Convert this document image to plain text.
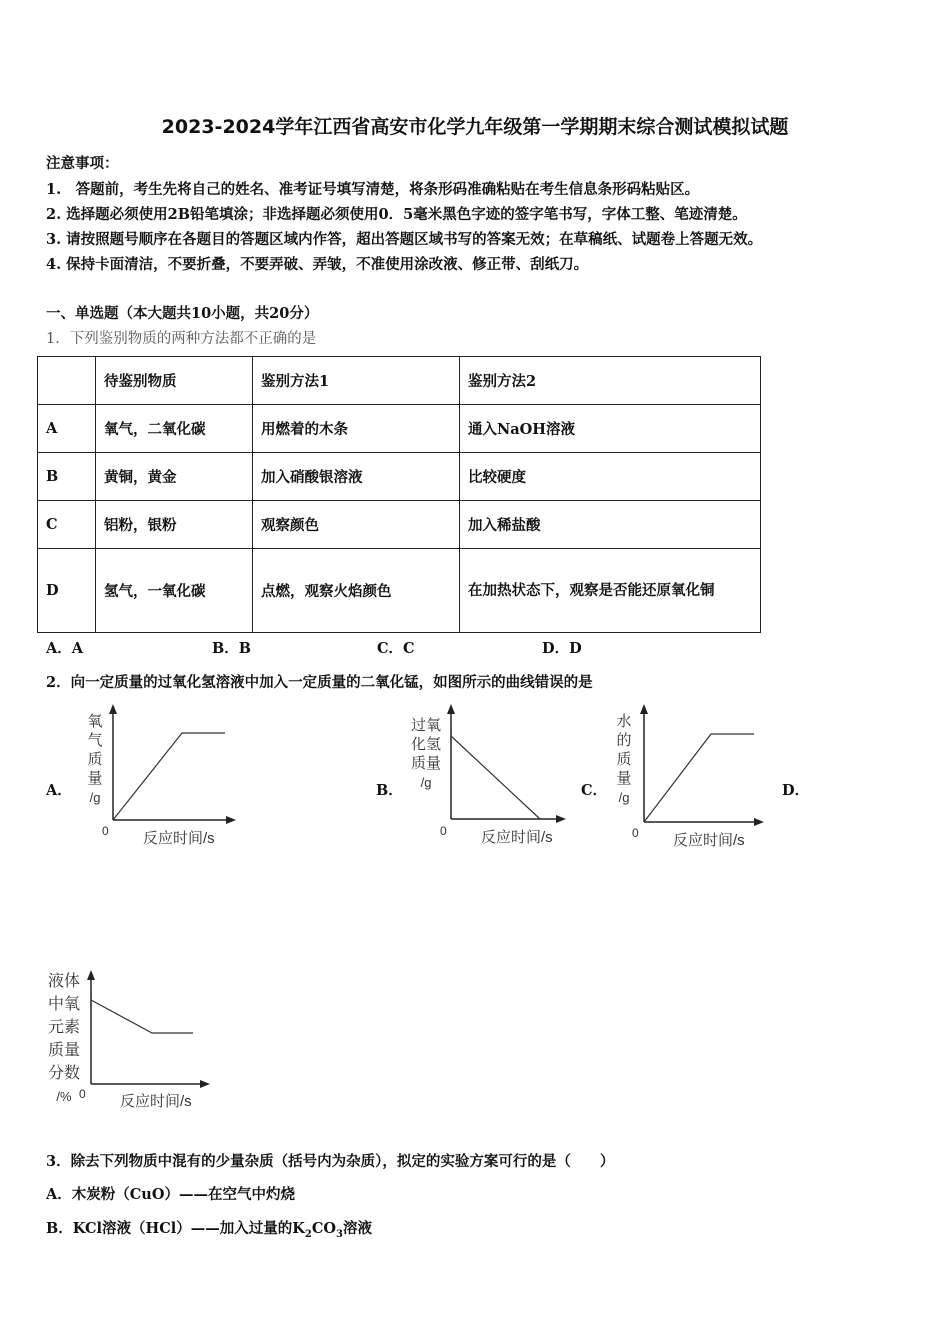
2023-2024学年江西省高安市化学九年级第一学期期末综合测试模拟试题
注意事项：
1.　答题前，考生先将自己的姓名、准考证号填写清楚，将条形码准确粘贴在考生信息条形码粘贴区。
2. 选择题必须使用2B铅笔填涂；非选择题必须使用0．5毫米黑色字迹的签字笔书写，字体工整、笔迹清楚。
3. 请按照题号顺序在各题目的答题区域内作答，超出答题区域书写的答案无效；在草稿纸、试题卷上答题无效。
4. 保持卡面清洁，不要折叠，不要弄破、弄皱，不准使用涂改液、修正带、刮纸刀。
一、单选题（本大题共10小题，共20分）
1．下列鉴别物质的两种方法都不正确的是
	待鉴别物质	鉴别方法1	鉴别方法2
A	氧气，二氧化碳	用燃着的木条	通入NaOH溶液
B	黄铜，黄金	加入硝酸银溶液	比较硬度
C	铝粉，银粉	观察颜色	加入稀盐酸
D	氢气，一氧化碳	点燃，观察火焰颜色	在加热状态下，观察是否能还原氧化铜
A．A	B．B	C．C	D．D
2．向一定质量的过氧化氢溶液中加入一定质量的二氧化锰，如图所示的曲线错误的是
A．	B．	C．	D．
氧
气
质
量
/g
0 反应时间/s
过氧
化氢
质量
/g
0 反应时间/s
水
的
质
量
/g
0 反应时间/s
液体
中氧
元素
质量
分数
/% 0 反应时间/s
3．除去下列物质中混有的少量杂质（括号内为杂质），拟定的实验方案可行的是（　　）
A．木炭粉（CuO）——在空气中灼烧
B．KCl溶液（HCl）——加入过量的$K_2CO_3$溶液
